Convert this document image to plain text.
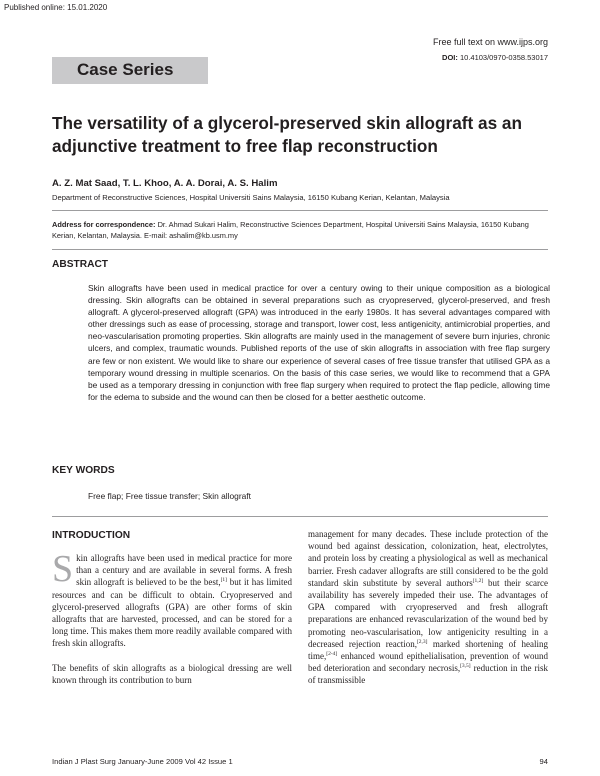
Published online: 15.01.2020
Free full text on www.ijps.org
DOI: 10.4103/0970-0358.53017
Case Series
The versatility of a glycerol-preserved skin allograft as an adjunctive treatment to free flap reconstruction
A. Z. Mat Saad, T. L. Khoo, A. A. Dorai, A. S. Halim
Department of Reconstructive Sciences, Hospital Universiti Sains Malaysia, 16150 Kubang Kerian, Kelantan, Malaysia
Address for correspondence: Dr. Ahmad Sukari Halim, Reconstructive Sciences Department, Hospital Universiti Sains Malaysia, 16150 Kubang Kerian, Kelantan, Malaysia. E-mail: ashalim@kb.usm.my
ABSTRACT
Skin allografts have been used in medical practice for over a century owing to their unique composition as a biological dressing. Skin allografts can be obtained in several preparations such as cryopreserved, glycerol-preserved, and fresh allograft. A glycerol-preserved allograft (GPA) was introduced in the early 1980s. It has several advantages compared with other dressings such as ease of processing, storage and transport, lower cost, less antigenicity, antimicrobial properties, and neo-vascularisation promoting properties. Skin allografts are mainly used in the management of severe burn injuries, chronic ulcers, and complex, traumatic wounds. Published reports of the use of skin allografts in association with free flap surgery are few or non existent. We would like to share our experience of several cases of free tissue transfer that utilised GPA as a temporary wound dressing in multiple scenarios. On the basis of this case series, we would like to recommend that a GPA be used as a temporary dressing in conjunction with free flap surgery when required to protect the flap pedicle, allowing time for the edema to subside and the wound can then be closed for a better aesthetic outcome.
KEY WORDS
Free flap; Free tissue transfer; Skin allograft
INTRODUCTION

Skin allografts have been used in medical practice for more than a century and are available in several forms. A fresh skin allograft is believed to be the best,[1] but it has limited resources and can be difficult to obtain. Cryopreserved and glycerol-preserved allografts (GPA) are other forms of skin allografts that are harvested, processed, and can be stored for a long time. This makes them more readily available compared with fresh skin allografts.

The benefits of skin allografts as a biological dressing are well known through its contribution to burn

management for many decades. These include protection of the wound bed against dessication, colonization, heat, electrolytes, and protein loss by creating a physiological as well as mechanical barrier. Fresh cadaver allografts are still considered to be the gold standard skin substitute by several authors[1,2] but their scarce availability has severely impeded their use. The advantages of GPA compared with cryopreserved and fresh allograft preparations are enhanced revascularization of the wound bed by promoting neo-vascularisation, low antigenicity resulting in a decreased rejection reaction,[2,3] marked shortening of healing time,[2-4] enhanced wound epithelialisation, prevention of wound bed deterioration and secondary necrosis,[3,5] reduction in the risk of transmissible

Indian J Plast Surg January-June 2009 Vol 42 Issue 1	94
